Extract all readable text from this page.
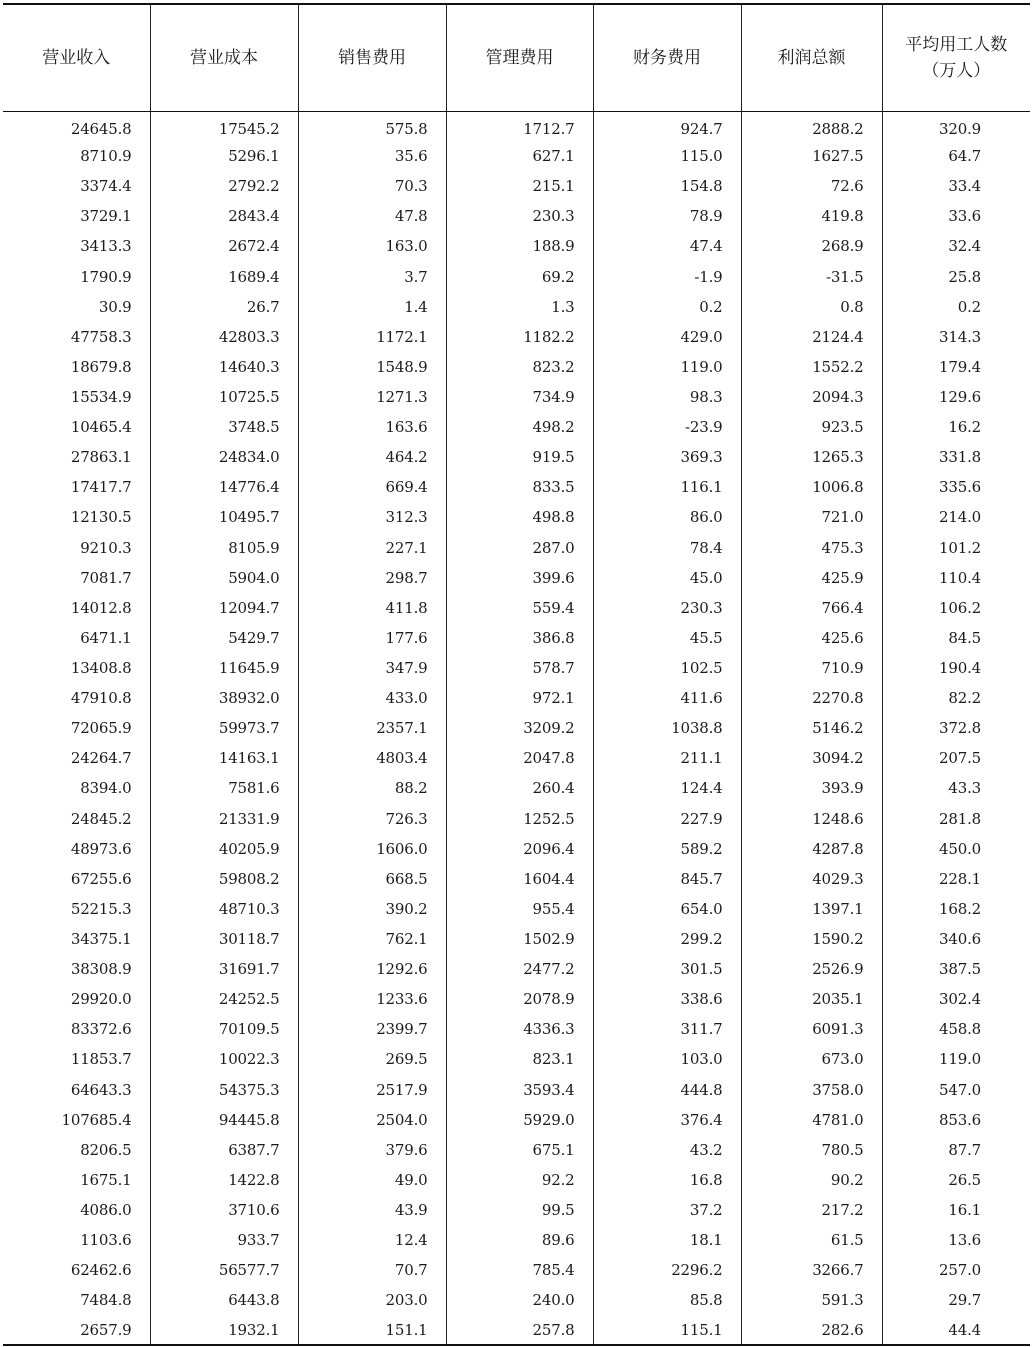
营业收入	营业成本	销售费用	管理费用	财务费用	利润总额	平均用工人数
（万人）
24645.8	17545.2	575.8	1712.7	924.7	2888.2	320.9
8710.9	5296.1	35.6	627.1	115.0	1627.5	64.7
3374.4	2792.2	70.3	215.1	154.8	72.6	33.4
3729.1	2843.4	47.8	230.3	78.9	419.8	33.6
3413.3	2672.4	163.0	188.9	47.4	268.9	32.4
1790.9	1689.4	3.7	69.2	-1.9	-31.5	25.8
30.9	26.7	1.4	1.3	0.2	0.8	0.2
47758.3	42803.3	1172.1	1182.2	429.0	2124.4	314.3
18679.8	14640.3	1548.9	823.2	119.0	1552.2	179.4
15534.9	10725.5	1271.3	734.9	98.3	2094.3	129.6
10465.4	3748.5	163.6	498.2	-23.9	923.5	16.2
27863.1	24834.0	464.2	919.5	369.3	1265.3	331.8
17417.7	14776.4	669.4	833.5	116.1	1006.8	335.6
12130.5	10495.7	312.3	498.8	86.0	721.0	214.0
9210.3	8105.9	227.1	287.0	78.4	475.3	101.2
7081.7	5904.0	298.7	399.6	45.0	425.9	110.4
14012.8	12094.7	411.8	559.4	230.3	766.4	106.2
6471.1	5429.7	177.6	386.8	45.5	425.6	84.5
13408.8	11645.9	347.9	578.7	102.5	710.9	190.4
47910.8	38932.0	433.0	972.1	411.6	2270.8	82.2
72065.9	59973.7	2357.1	3209.2	1038.8	5146.2	372.8
24264.7	14163.1	4803.4	2047.8	211.1	3094.2	207.5
8394.0	7581.6	88.2	260.4	124.4	393.9	43.3
24845.2	21331.9	726.3	1252.5	227.9	1248.6	281.8
48973.6	40205.9	1606.0	2096.4	589.2	4287.8	450.0
67255.6	59808.2	668.5	1604.4	845.7	4029.3	228.1
52215.3	48710.3	390.2	955.4	654.0	1397.1	168.2
34375.1	30118.7	762.1	1502.9	299.2	1590.2	340.6
38308.9	31691.7	1292.6	2477.2	301.5	2526.9	387.5
29920.0	24252.5	1233.6	2078.9	338.6	2035.1	302.4
83372.6	70109.5	2399.7	4336.3	311.7	6091.3	458.8
11853.7	10022.3	269.5	823.1	103.0	673.0	119.0
64643.3	54375.3	2517.9	3593.4	444.8	3758.0	547.0
107685.4	94445.8	2504.0	5929.0	376.4	4781.0	853.6
8206.5	6387.7	379.6	675.1	43.2	780.5	87.7
1675.1	1422.8	49.0	92.2	16.8	90.2	26.5
4086.0	3710.6	43.9	99.5	37.2	217.2	16.1
1103.6	933.7	12.4	89.6	18.1	61.5	13.6
62462.6	56577.7	70.7	785.4	2296.2	3266.7	257.0
7484.8	6443.8	203.0	240.0	85.8	591.3	29.7
2657.9	1932.1	151.1	257.8	115.1	282.6	44.4
